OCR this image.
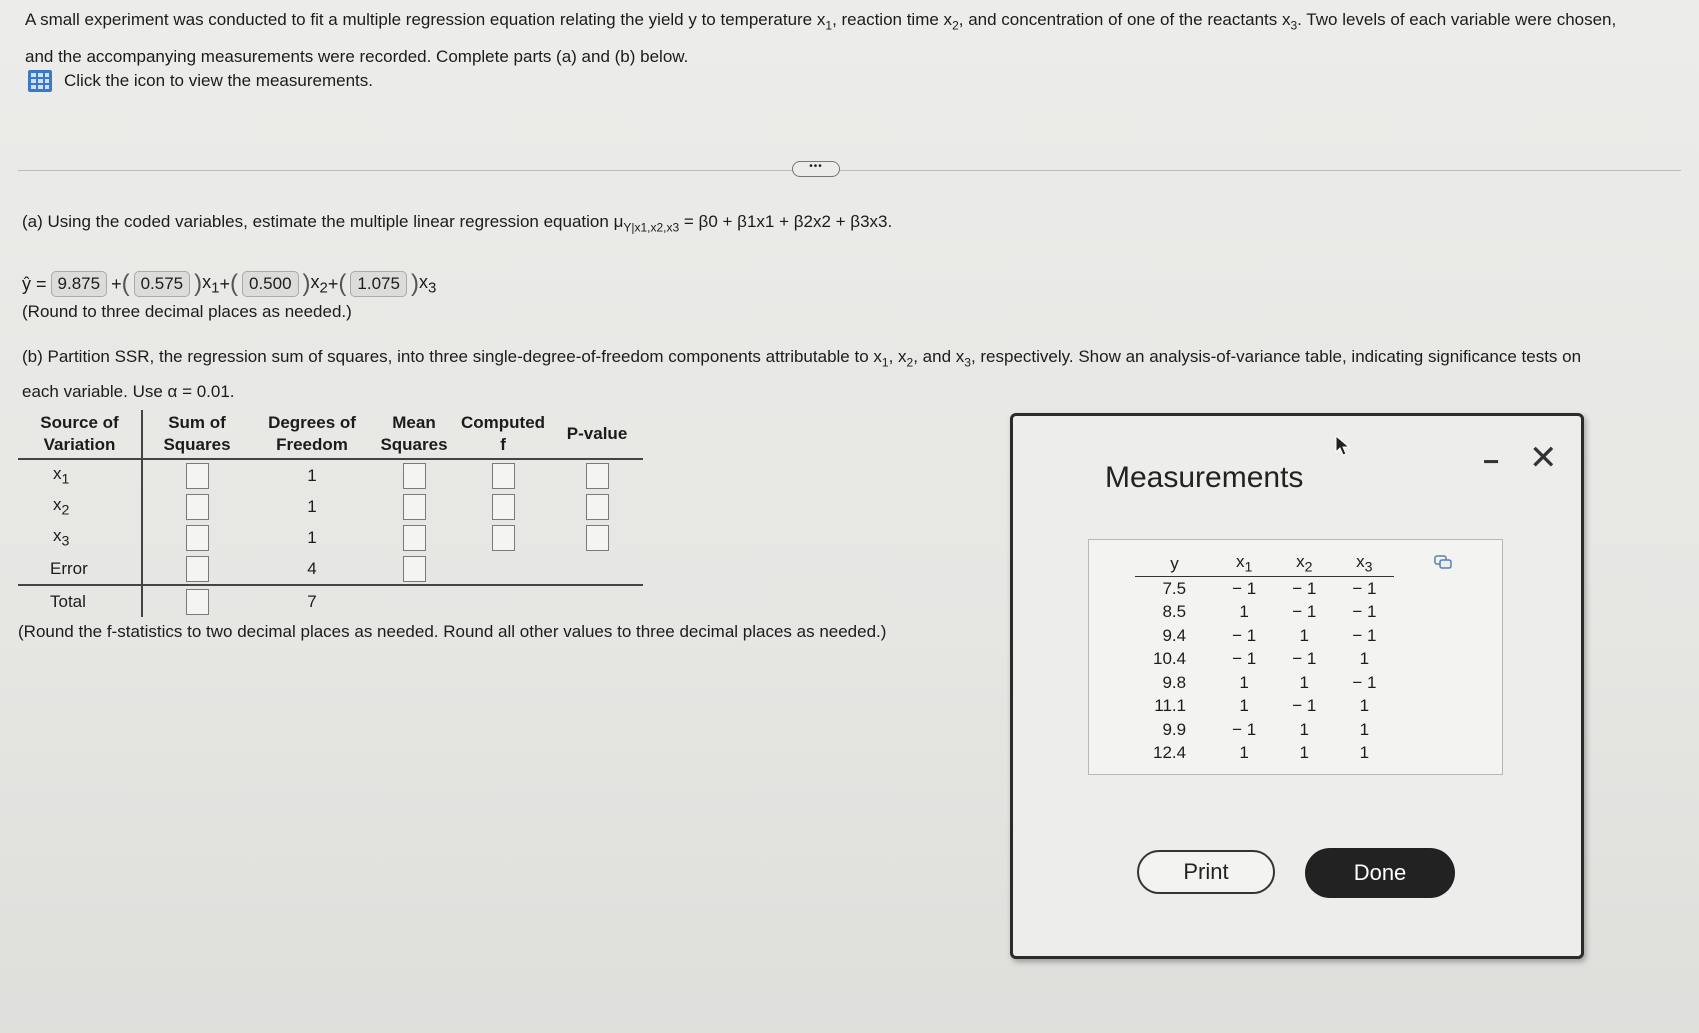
A small experiment was conducted to fit a multiple regression equation relating the yield y to temperature $x_1$, reaction time $x_2$, and concentration of one of the reactants $x_3$. Two levels of each variable were chosen, and the accompanying measurements were recorded. Complete parts (a) and (b) below.
Click the icon to view the measurements.
•••
(a) Using the coded variables, estimate the multiple linear regression equation $\mu_{Y|x1,x2,x3} = \beta 0 + \beta 1x1 + \beta 2x2 + \beta 3x3$.
ŷ = 9.875 + ( 0.575 ) $x_1$ + ( 0.500 ) $x_2$ + ( 1.075 ) $x_3$
(Round to three decimal places as needed.)
(b) Partition SSR, the regression sum of squares, into three single-degree-of-freedom components attributable to $x_1$, $x_2$, and $x_3$, respectively. Show an analysis-of-variance table, indicating significance tests on each variable. Use α = 0.01.
Source of Variation	Sum of Squares	Degrees of Freedom	Mean Squares	Computed f	P-value
$x_1$		1			
$x_2$		1			
$x_3$		1			
Error		4			
Total		7			
(Round the f-statistics to two decimal places as needed. Round all other values to three decimal places as needed.)
Measurements	− ✕
y	$x_1$	$x_2$	$x_3$
7.5	− 1	− 1	− 1
8.5	1	− 1	− 1
9.4	− 1	1	− 1
10.4	− 1	− 1	1
9.8	1	1	− 1
11.1	1	− 1	1
9.9	− 1	1	1
12.4	1	1	1
Print	Done
